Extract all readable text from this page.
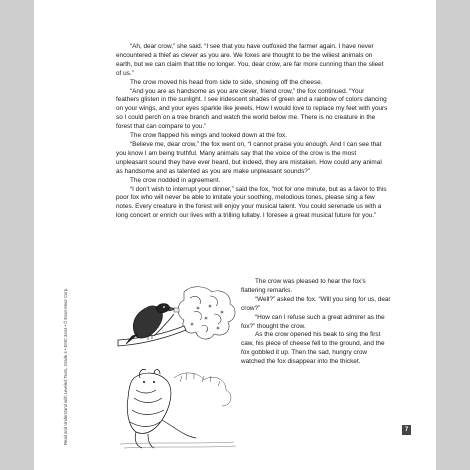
“Ah, dear crow,” she said. “I see that you have outfoxed the farmer again. I have never encountered a thief as clever as you are. We foxes are thought to be the wiliest animals on earth, but we can claim that title no longer. You, dear crow, are far more cunning than the slieet of us.”

The crow moved his head from side to side, showing off the cheese.

“And you are as handsome as you are clever, friend crow,” the fox continued. “Your feathers glisten in the sunlight. I see iridescent shades of green and a rainbow of colors dancing on your wings, and your eyes sparkle like jewels. How I would love to replace my feet with yours so I could perch on a tree branch and watch the world below me. There is no creature in the forest that can compare to you.”

The crow flapped his wings and looked down at the fox.

“Believe me, dear crow,” the fox went on, “I cannot praise you enough. And I can see that you know I am being truthful. Many animals say that the voice of the crow is the most unpleasant sound they have ever heard, but indeed, they are mistaken. How could any animal as handsome and as talented as you are make unpleasant sounds?”

The crow nodded in agreement.

“I don’t wish to interrupt your dinner,” said the fox, “not for one minute, but as a favor to this poor fox who will never be able to imitate your soothing, melodious tones, please sing a few notes. Every creature in the forest will enjoy your musical talent. You could serenade us with a long concert or enrich our lives with a trilling lullaby. I foresee a great musical future for you.”

Read and Understand with Leveled Texts, Grade 4 • EMC 3444 • © Evan-Moor Corp.

The crow was pleased to hear the fox’s flattering remarks.

“Well?” asked the fox. “Will you sing for us, dear crow?”

“How can I refuse such a great admirer as the fox?” thought the crow.

As the crow opened his beak to sing the first caw, his piece of cheese fell to the ground, and the fox gobbled it up. Then the sad, hungry crow watched the fox disappear into the thicket.

7
